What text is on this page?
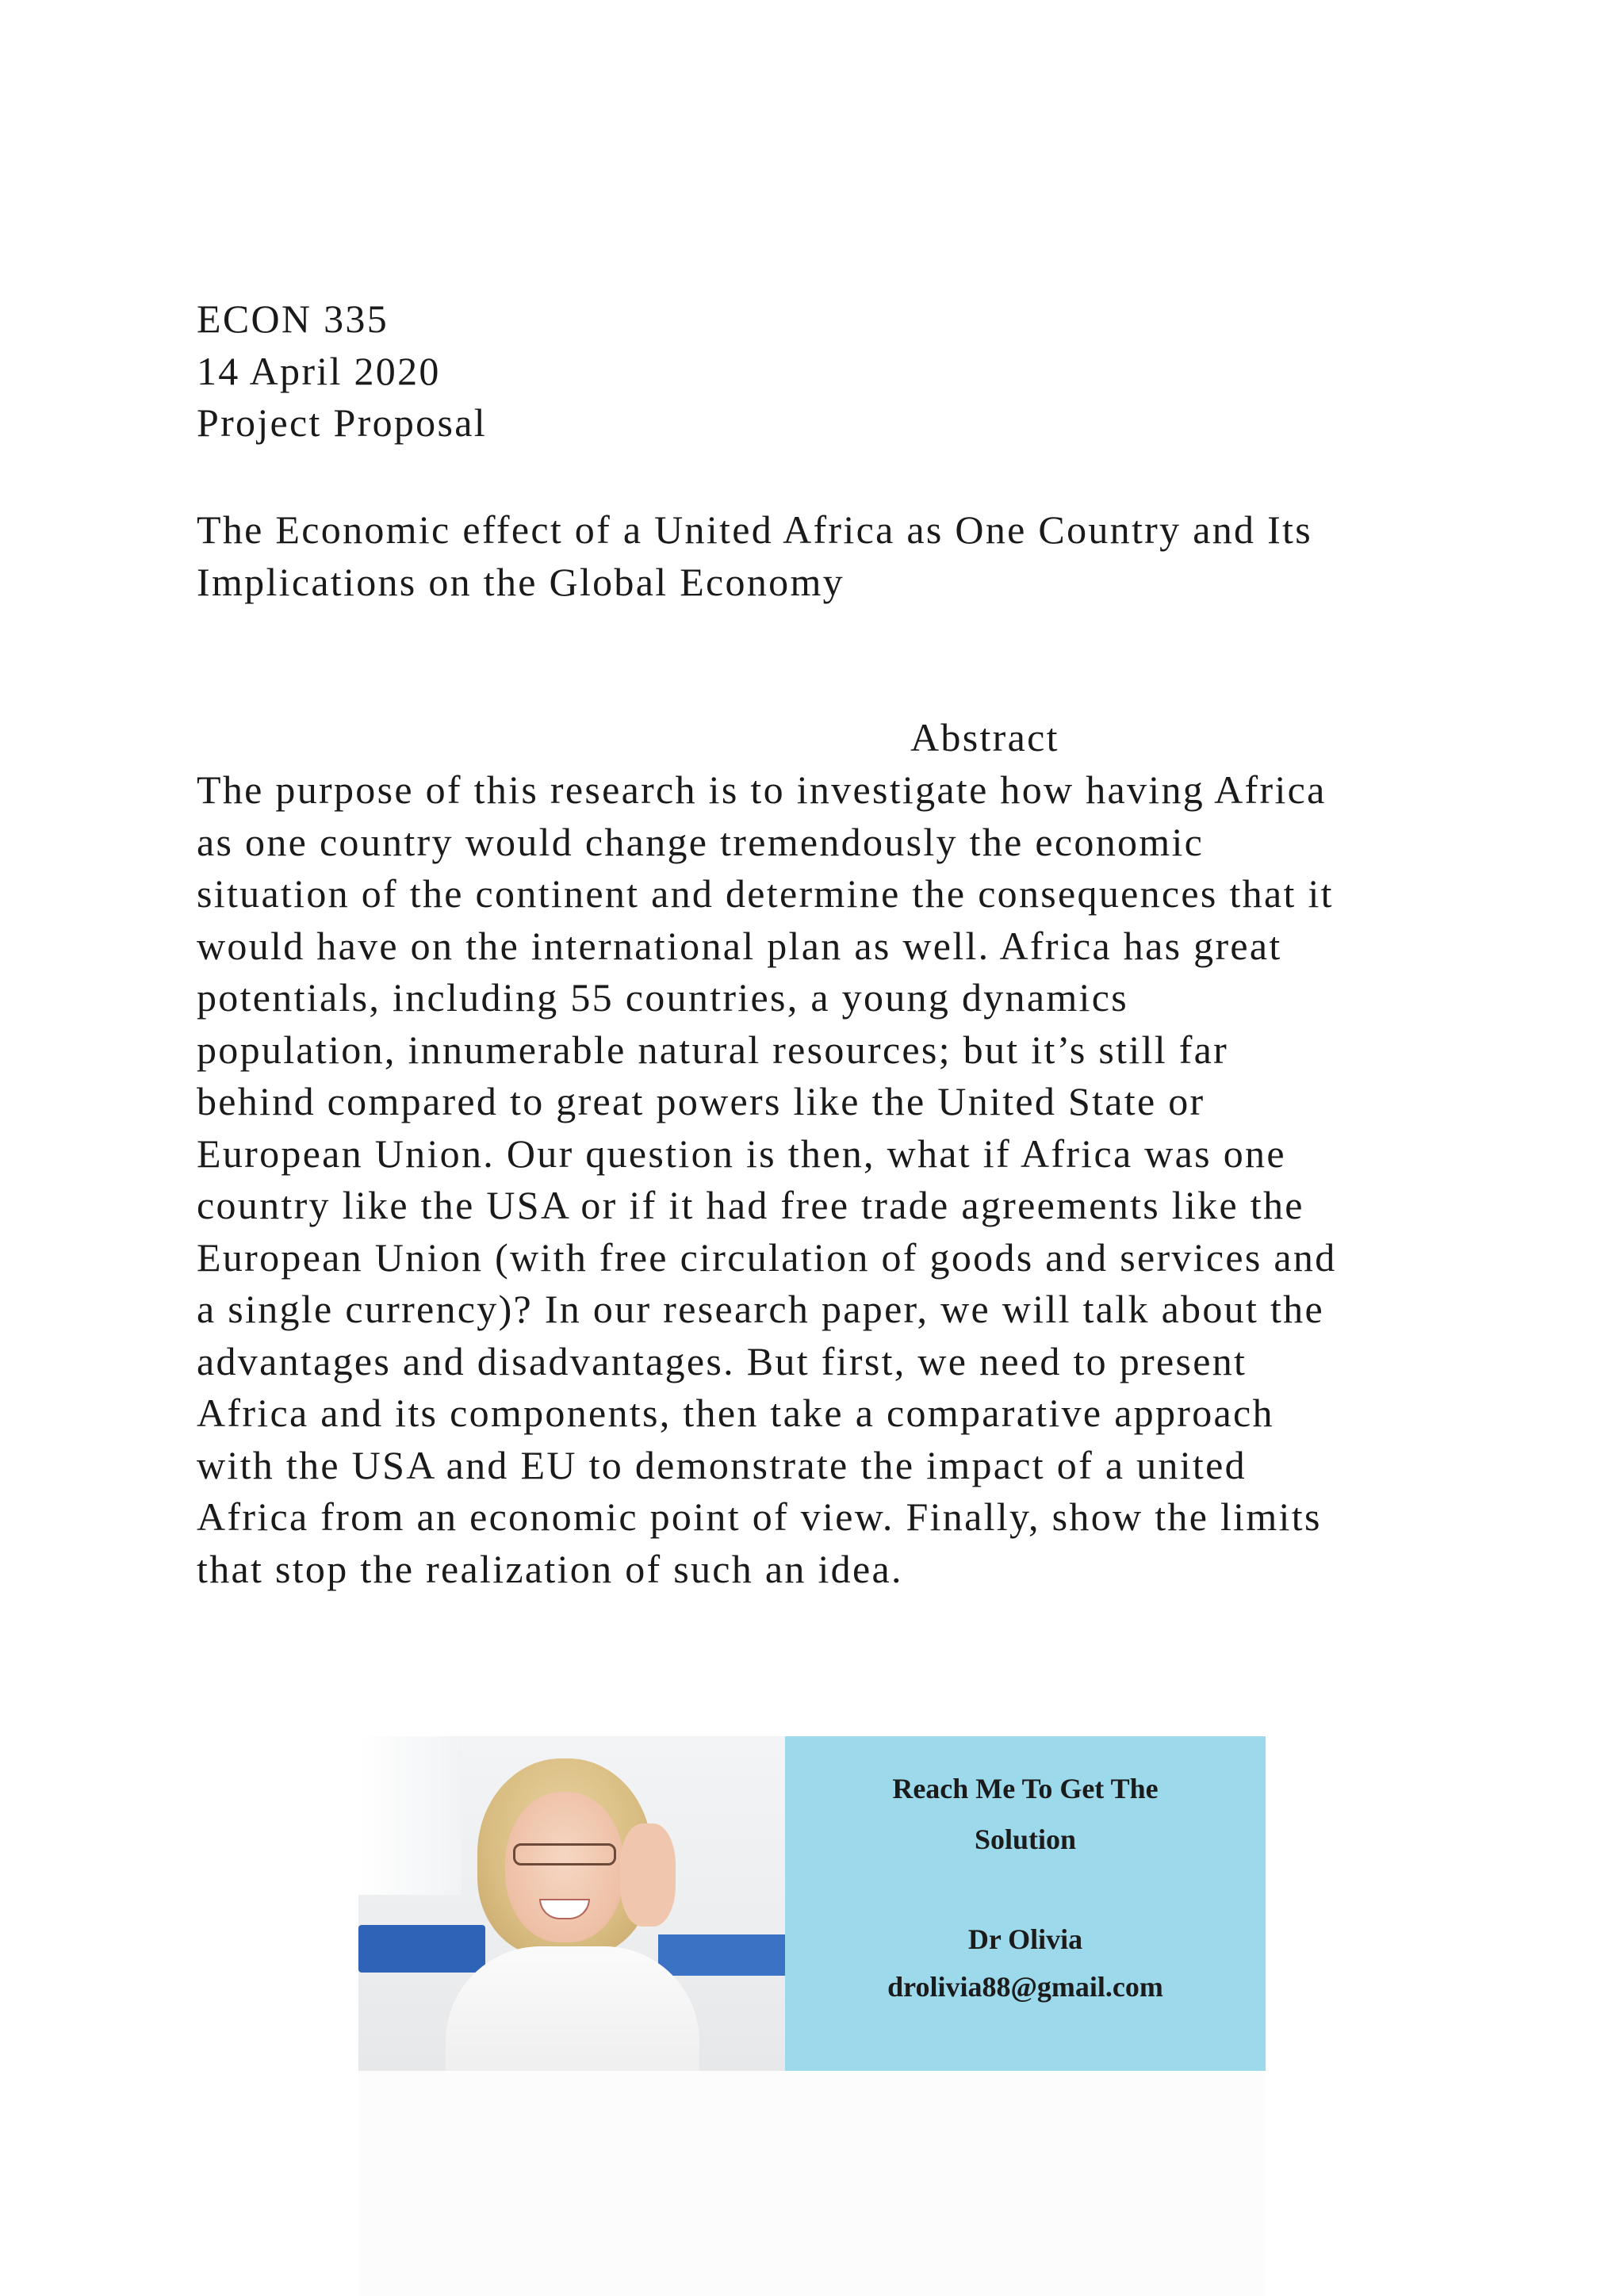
ECON 335
14 April 2020
Project Proposal
The Economic effect of a United Africa as One Country and Its
Implications on the Global Economy
Abstract
The purpose of this research is to investigate how having Africa
as one country would change tremendously the economic
situation of the continent and determine the consequences that it
would have on the international plan as well. Africa has great
potentials, including 55 countries, a young dynamics
population, innumerable natural resources; but it’s still far
behind compared to great powers like the United State or
European Union. Our question is then, what if Africa was one
country like the USA or if it had free trade agreements like the
European Union (with free circulation of goods and services and
a single currency)? In our research paper, we will talk about the
advantages and disadvantages. But first, we need to present
Africa and its components, then take a comparative approach
with the USA and EU to demonstrate the impact of a united
Africa from an economic point of view. Finally, show the limits
that stop the realization of such an idea.
Reach Me To Get The
Solution
Dr Olivia
drolivia88@gmail.com
